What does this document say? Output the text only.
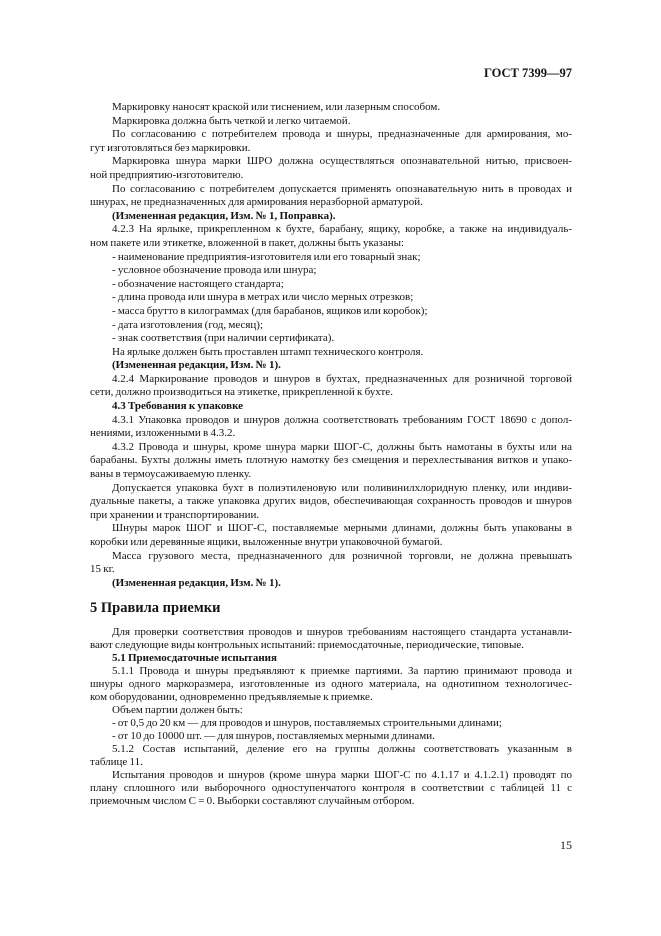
ГОСТ 7399—97
Маркировку наносят краской или тиснением, или лазерным способом.
Маркировка должна быть четкой и легко читаемой.
По согласованию с потребителем провода и шнуры, предназначенные для армирования, мо-
гут изготовляться без маркировки.
Маркировка шнура марки ШРО должна осуществляться опознавательной нитью, присвоен-
ной предприятию-изготовителю.
По согласованию с потребителем допускается применять опознавательную нить в проводах и
шнурах, не предназначенных для армирования неразборной арматурой.
(Измененная редакция, Изм. № 1, Поправка).
4.2.3 На ярлыке, прикрепленном к бухте, барабану, ящику, коробке, а также на индивидуаль-
ном пакете или этикетке, вложенной в пакет, должны быть указаны:
- наименование предприятия-изготовителя или его товарный знак;
- условное обозначение провода или шнура;
- обозначение настоящего стандарта;
- длина провода или шнура в метрах или число мерных отрезков;
- масса брутто в килограммах (для барабанов, ящиков или коробок);
- дата изготовления (год, месяц);
- знак соответствия (при наличии сертификата).
На ярлыке должен быть проставлен штамп технического контроля.
(Измененная редакция, Изм. № 1).
4.2.4 Маркирование проводов и шнуров в бухтах, предназначенных для розничной торговой
сети, должно производиться на этикетке, прикрепленной к бухте.
4.3 Требования к упаковке
4.3.1 Упаковка проводов и шнуров должна соответствовать требованиям ГОСТ 18690 с допол-
нениями, изложенными в 4.3.2.
4.3.2 Провода и шнуры, кроме шнура марки ШОГ-С, должны быть намотаны в бухты или на
барабаны. Бухты должны иметь плотную намотку без смещения и перехлестывания витков и упако-
ваны в термоусаживаемую пленку.
Допускается упаковка бухт в полиэтиленовую или поливинилхлоридную пленку, или индиви-
дуальные пакеты, а также упаковка других видов, обеспечивающая сохранность проводов и шнуров
при хранении и транспортировании.
Шнуры марок ШОГ и ШОГ-С, поставляемые мерными длинами, должны быть упакованы в
коробки или деревянные ящики, выложенные внутри упаковочной бумагой.
Масса грузового места, предназначенного для розничной торговли, не должна превышать
15 кг.
(Измененная редакция, Изм. № 1).
5 Правила приемки
Для проверки соответствия проводов и шнуров требованиям настоящего стандарта устанавли-
вают следующие виды контрольных испытаний: приемосдаточные, периодические, типовые.
5.1 Приемосдаточные испытания
5.1.1 Провода и шнуры предъявляют к приемке партиями. За партию принимают провода и
шнуры одного маркоразмера, изготовленные из одного материала, на однотипном технологичес-
ком оборудовании, одновременно предъявляемые к приемке.
Объем партии должен быть:
- от 0,5 до 20 км — для проводов и шнуров, поставляемых строительными длинами;
- от 10 до 10000 шт. — для шнуров, поставляемых мерными длинами.
5.1.2 Состав испытаний, деление его на группы должны соответствовать указанным в
таблице 11.
Испытания проводов и шнуров (кроме шнура марки ШОГ-С по 4.1.17 и 4.1.2.1) проводят по
плану сплошного или выборочного одноступенчатого контроля в соответствии с таблицей 11 с
приемочным числом C = 0. Выборки составляют случайным отбором.
15
